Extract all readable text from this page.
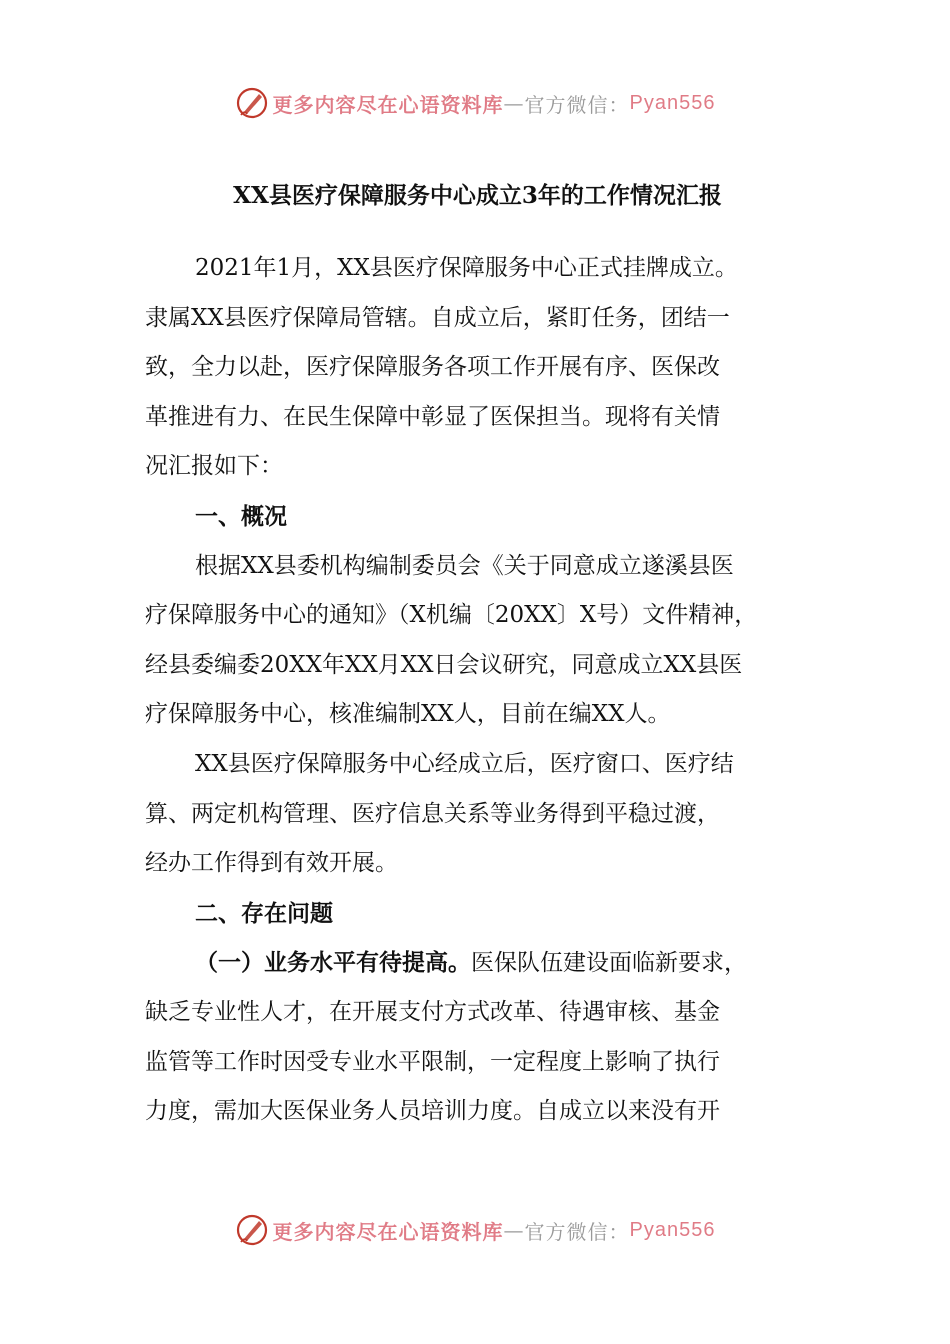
更多内容尽在心语资料库 — 官方微信： Pyan556
XX县医疗保障服务中心成立3年的工作情况汇报
2021年1月，XX县医疗保障服务中心正式挂牌成立。
隶属XX县医疗保障局管辖。自成立后，紧盯任务，团结一
致，全力以赴，医疗保障服务各项工作开展有序、医保改
革推进有力、在民生保障中彰显了医保担当。现将有关情
况汇报如下：
一、概况
根据XX县委机构编制委员会《关于同意成立遂溪县医
疗保障服务中心的通知》（X机编〔20XX〕X号）文件精神，
经县委编委20XX年XX月XX日会议研究，同意成立XX县医
疗保障服务中心，核准编制XX人，目前在编XX人。
XX县医疗保障服务中心经成立后，医疗窗口、医疗结
算、两定机构管理、医疗信息关系等业务得到平稳过渡，
经办工作得到有效开展。
二、存在问题
（一）业务水平有待提高。医保队伍建设面临新要求，
缺乏专业性人才，在开展支付方式改革、待遇审核、基金
监管等工作时因受专业水平限制，一定程度上影响了执行
力度，需加大医保业务人员培训力度。自成立以来没有开
更多内容尽在心语资料库 — 官方微信： Pyan556
